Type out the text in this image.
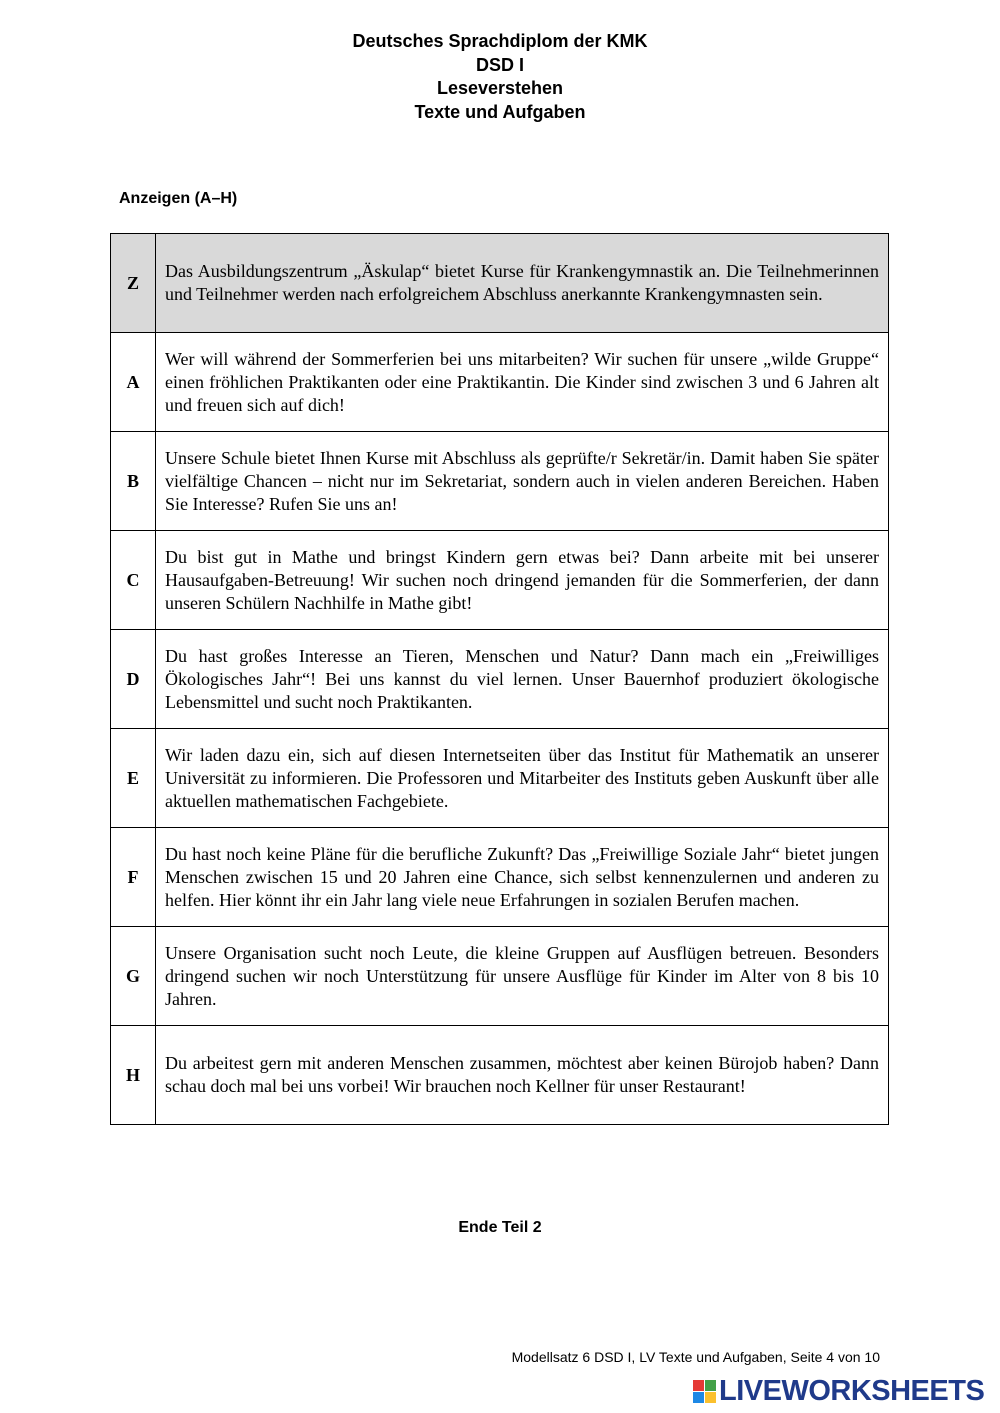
Deutsches Sprachdiplom der KMK
DSD I
Leseverstehen
Texte und Aufgaben
Anzeigen (A–H)
Z	Das Ausbildungszentrum „Äskulap“ bietet Kurse für Krankengymnastik an. Die Teilnehmerinnen und Teilnehmer werden nach erfolgreichem Abschluss anerkannte Krankengymnasten sein.
A	Wer will während der Sommerferien bei uns mitarbeiten? Wir suchen für unsere „wilde Gruppe“ einen fröhlichen Praktikanten oder eine Praktikantin. Die Kinder sind zwischen 3 und 6 Jahren alt und freuen sich auf dich!
B	Unsere Schule bietet Ihnen Kurse mit Abschluss als geprüfte/r Sekretär/in. Damit haben Sie später vielfältige Chancen – nicht nur im Sekretariat, sondern auch in vielen anderen Bereichen. Haben Sie Interesse? Rufen Sie uns an!
C	Du bist gut in Mathe und bringst Kindern gern etwas bei? Dann arbeite mit bei unserer Hausaufgaben-Betreuung! Wir suchen noch dringend jemanden für die Sommerferien, der dann unseren Schülern Nachhilfe in Mathe gibt!
D	Du hast großes Interesse an Tieren, Menschen und Natur? Dann mach ein „Freiwilliges Ökologisches Jahr“! Bei uns kannst du viel lernen. Unser Bauernhof produziert ökologische Lebensmittel und sucht noch Praktikanten.
E	Wir laden dazu ein, sich auf diesen Internetseiten über das Institut für Mathematik an unserer Universität zu informieren. Die Professoren und Mitarbeiter des Instituts geben Auskunft über alle aktuellen mathematischen Fachgebiete.
F	Du hast noch keine Pläne für die berufliche Zukunft? Das „Freiwillige Soziale Jahr“ bietet jungen Menschen zwischen 15 und 20 Jahren eine Chance, sich selbst kennenzulernen und anderen zu helfen. Hier könnt ihr ein Jahr lang viele neue Erfahrungen in sozialen Berufen machen.
G	Unsere Organisation sucht noch Leute, die kleine Gruppen auf Ausflügen betreuen. Besonders dringend suchen wir noch Unterstützung für unsere Ausflüge für Kinder im Alter von 8 bis 10 Jahren.
H	Du arbeitest gern mit anderen Menschen zusammen, möchtest aber keinen Bürojob haben? Dann schau doch mal bei uns vorbei! Wir brauchen noch Kellner für unser Restaurant!
Ende Teil 2
Modellsatz 6 DSD I, LV Texte und Aufgaben, Seite 4 von 10
LIVEWORKSHEETS
